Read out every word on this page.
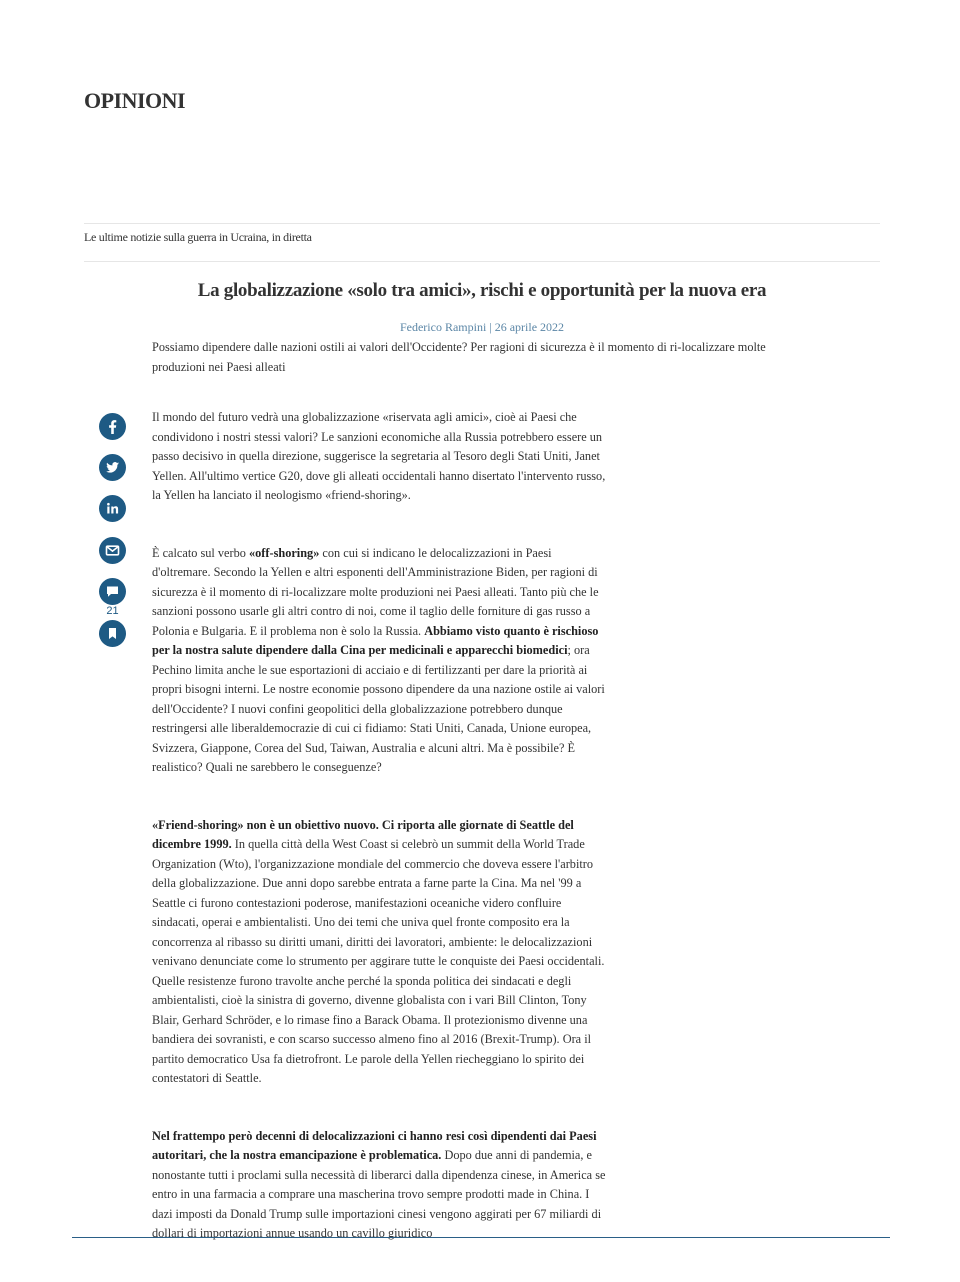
OPINIONI
Le ultime notizie sulla guerra in Ucraina, in diretta
La globalizzazione «solo tra amici», rischi e opportunità per la nuova era
Federico Rampini | 26 aprile 2022

Possiamo dipendere dalle nazioni ostili ai valori dell'Occidente? Per ragioni di sicurezza è il momento di ri-localizzare molte produzioni nei Paesi alleati

21

Il mondo del futuro vedrà una globalizzazione «riservata agli amici», cioè ai Paesi che condividono i nostri stessi valori? Le sanzioni economiche alla Russia potrebbero essere un passo decisivo in quella direzione, suggerisce la segretaria al Tesoro degli Stati Uniti, Janet Yellen. All'ultimo vertice G20, dove gli alleati occidentali hanno disertato l'intervento russo, la Yellen ha lanciato il neologismo «friend-shoring».

È calcato sul verbo «off-shoring» con cui si indicano le delocalizzazioni in Paesi d'oltremare. Secondo la Yellen e altri esponenti dell'Amministrazione Biden, per ragioni di sicurezza è il momento di ri-localizzare molte produzioni nei Paesi alleati. Tanto più che le sanzioni possono usarle gli altri contro di noi, come il taglio delle forniture di gas russo a Polonia e Bulgaria. E il problema non è solo la Russia. Abbiamo visto quanto è rischioso per la nostra salute dipendere dalla Cina per medicinali e apparecchi biomedici; ora Pechino limita anche le sue esportazioni di acciaio e di fertilizzanti per dare la priorità ai propri bisogni interni. Le nostre economie possono dipendere da una nazione ostile ai valori dell'Occidente? I nuovi confini geopolitici della globalizzazione potrebbero dunque restringersi alle liberaldemocrazie di cui ci fidiamo: Stati Uniti, Canada, Unione europea, Svizzera, Giappone, Corea del Sud, Taiwan, Australia e alcuni altri. Ma è possibile? È realistico? Quali ne sarebbero le conseguenze?

«Friend-shoring» non è un obiettivo nuovo. Ci riporta alle giornate di Seattle del dicembre 1999. In quella città della West Coast si celebrò un summit della World Trade Organization (Wto), l'organizzazione mondiale del commercio che doveva essere l'arbitro della globalizzazione. Due anni dopo sarebbe entrata a farne parte la Cina. Ma nel '99 a Seattle ci furono contestazioni poderose, manifestazioni oceaniche videro confluire sindacati, operai e ambientalisti. Uno dei temi che univa quel fronte composito era la concorrenza al ribasso su diritti umani, diritti dei lavoratori, ambiente: le delocalizzazioni venivano denunciate come lo strumento per aggirare tutte le conquiste dei Paesi occidentali. Quelle resistenze furono travolte anche perché la sponda politica dei sindacati e degli ambientalisti, cioè la sinistra di governo, divenne globalista con i vari Bill Clinton, Tony Blair, Gerhard Schröder, e lo rimase fino a Barack Obama. Il protezionismo divenne una bandiera dei sovranisti, e con scarso successo almeno fino al 2016 (Brexit-Trump). Ora il partito democratico Usa fa dietrofront. Le parole della Yellen riecheggiano lo spirito dei contestatori di Seattle.

Nel frattempo però decenni di delocalizzazioni ci hanno resi così dipendenti dai Paesi autoritari, che la nostra emancipazione è problematica. Dopo due anni di pandemia, e nonostante tutti i proclami sulla necessità di liberarci dalla dipendenza cinese, in America se entro in una farmacia a comprare una mascherina trovo sempre prodotti made in China. I dazi imposti da Donald Trump sulle importazioni cinesi vengono aggirati per 67 miliardi di dollari di importazioni annue usando un cavillo giuridico
